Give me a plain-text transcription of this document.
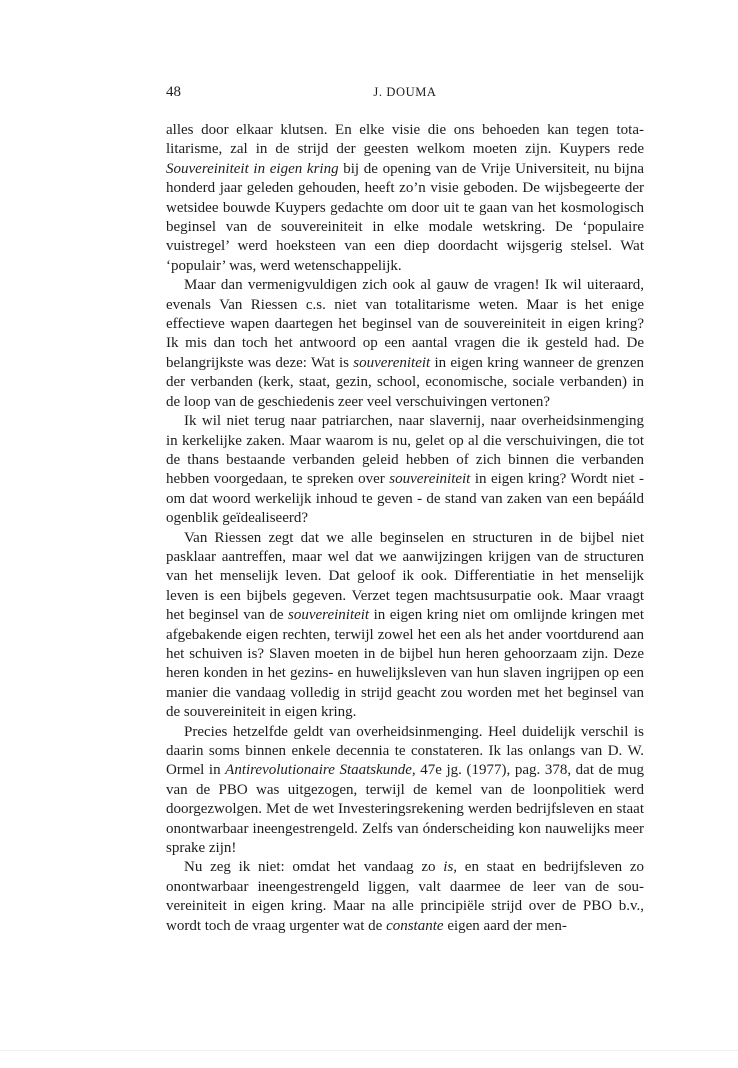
48	J. DOUMA

alles door elkaar klutsen. En elke visie die ons behoeden kan tegen totalitarisme, zal in de strijd der geesten welkom moeten zijn. Kuypers rede Souvereiniteit in eigen kring bij de opening van de Vrije Universiteit, nu bijna honderd jaar geleden gehouden, heeft zo’n visie geboden. De wijsbegeerte der wetsidee bouwde Kuypers gedachte om door uit te gaan van het kosmologisch beginsel van de souvereiniteit in elke modale wetskring. De ‘populaire vuistregel’ werd hoeksteen van een diep doordacht wijsgerig stelsel. Wat ‘populair’ was, werd wetenschappelijk.

Maar dan vermenigvuldigen zich ook al gauw de vragen! Ik wil uiteraard, evenals Van Riessen c.s. niet van totalitarisme weten. Maar is het enige effectieve wapen daartegen het beginsel van de souvereiniteit in eigen kring? Ik mis dan toch het antwoord op een aantal vragen die ik gesteld had. De belangrijkste was deze: Wat is souvereniteit in eigen kring wanneer de grenzen der verbanden (kerk, staat, gezin, school, economische, sociale verbanden) in de loop van de geschiedenis zeer veel verschuivingen vertonen?

Ik wil niet terug naar patriarchen, naar slavernij, naar overheidsinmenging in kerkelijke zaken. Maar waarom is nu, gelet op al die verschuivingen, die tot de thans bestaande verbanden geleid hebben of zich binnen die verbanden hebben voorgedaan, te spreken over souvereiniteit in eigen kring? Wordt niet - om dat woord werkelijk inhoud te geven - de stand van zaken van een bepááld ogenblik geïdealiseerd?

Van Riessen zegt dat we alle beginselen en structuren in de bijbel niet pasklaar aantreffen, maar wel dat we aanwijzingen krijgen van de structuren van het menselijk leven. Dat geloof ik ook. Differentiatie in het menselijk leven is een bijbels gegeven. Verzet tegen machtsusurpatie ook. Maar vraagt het beginsel van de souvereiniteit in eigen kring niet om omlijnde kringen met afgebakende eigen rechten, terwijl zowel het een als het ander voortdurend aan het schuiven is? Slaven moeten in de bijbel hun heren gehoorzaam zijn. Deze heren konden in het gezins- en huwelijksleven van hun slaven ingrijpen op een manier die vandaag volledig in strijd geacht zou worden met het beginsel van de souvereiniteit in eigen kring.

Precies hetzelfde geldt van overheidsinmenging. Heel duidelijk verschil is daarin soms binnen enkele decennia te constateren. Ik las onlangs van D. W. Ormel in Antirevolutionaire Staatskunde, 47e jg. (1977), pag. 378, dat de mug van de PBO was uitgezogen, terwijl de kemel van de loonpolitiek werd doorgezwolgen. Met de wet Investeringsrekening werden bedrijfsleven en staat onontwarbaar ineengestrengeld. Zelfs van ónderscheiding kon nauwelijks meer sprake zijn!

Nu zeg ik niet: omdat het vandaag zo is, en staat en bedrijfsleven zo onontwarbaar ineengestrengeld liggen, valt daarmee de leer van de souvereiniteit in eigen kring. Maar na alle principiële strijd over de PBO b.v., wordt toch de vraag urgenter wat de constante eigen aard der men-
